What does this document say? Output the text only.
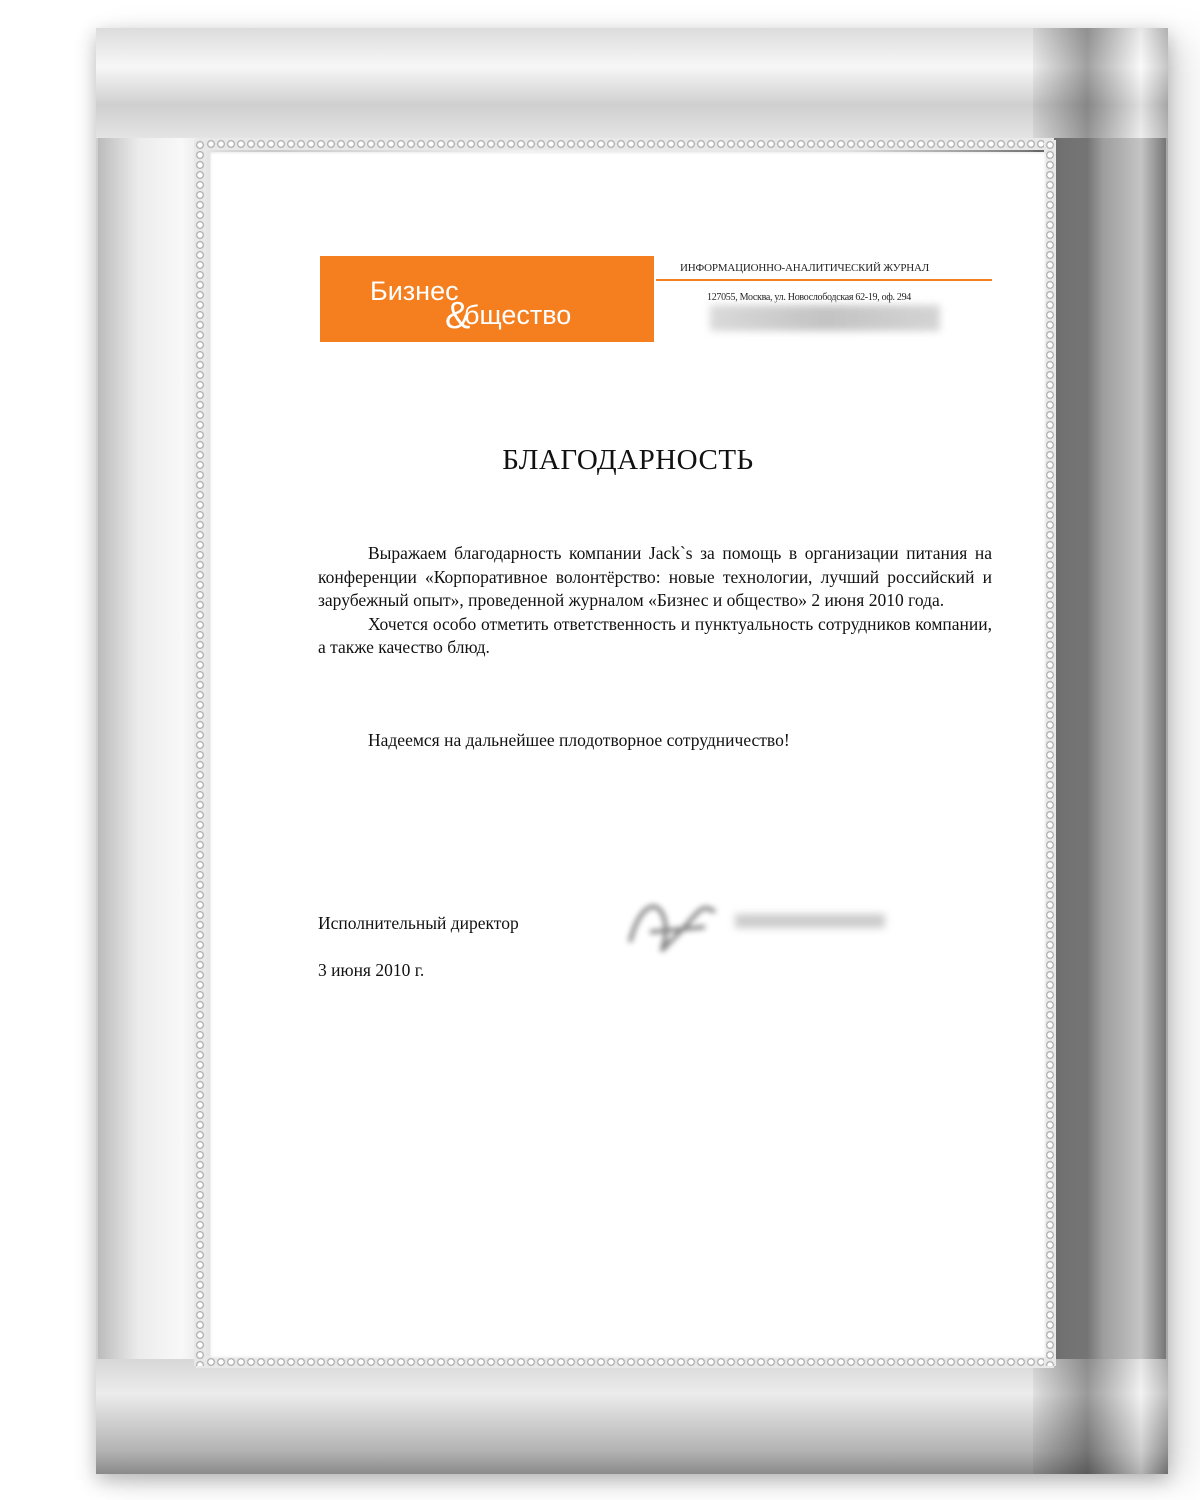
Бизнес
&
бщество
ИНФОРМАЦИОННО-АНАЛИТИЧЕСКИЙ ЖУРНАЛ
127055, Москва, ул. Новослободская 62-19, оф. 294
БЛАГОДАРНОСТЬ

Выражаем благодарность компании Jack`s за помощь в организации питания на конференции «Корпоративное волонтёрство: новые технологии, лучший российский и зарубежный опыт», проведенной журналом «Бизнес и общество» 2 июня 2010 года.

Хочется особо отметить ответственность и пунктуальность сотрудников компании, а также качество блюд.

Надеемся на дальнейшее плодотворное сотрудничество!
Исполнительный директор
3 июня 2010 г.
